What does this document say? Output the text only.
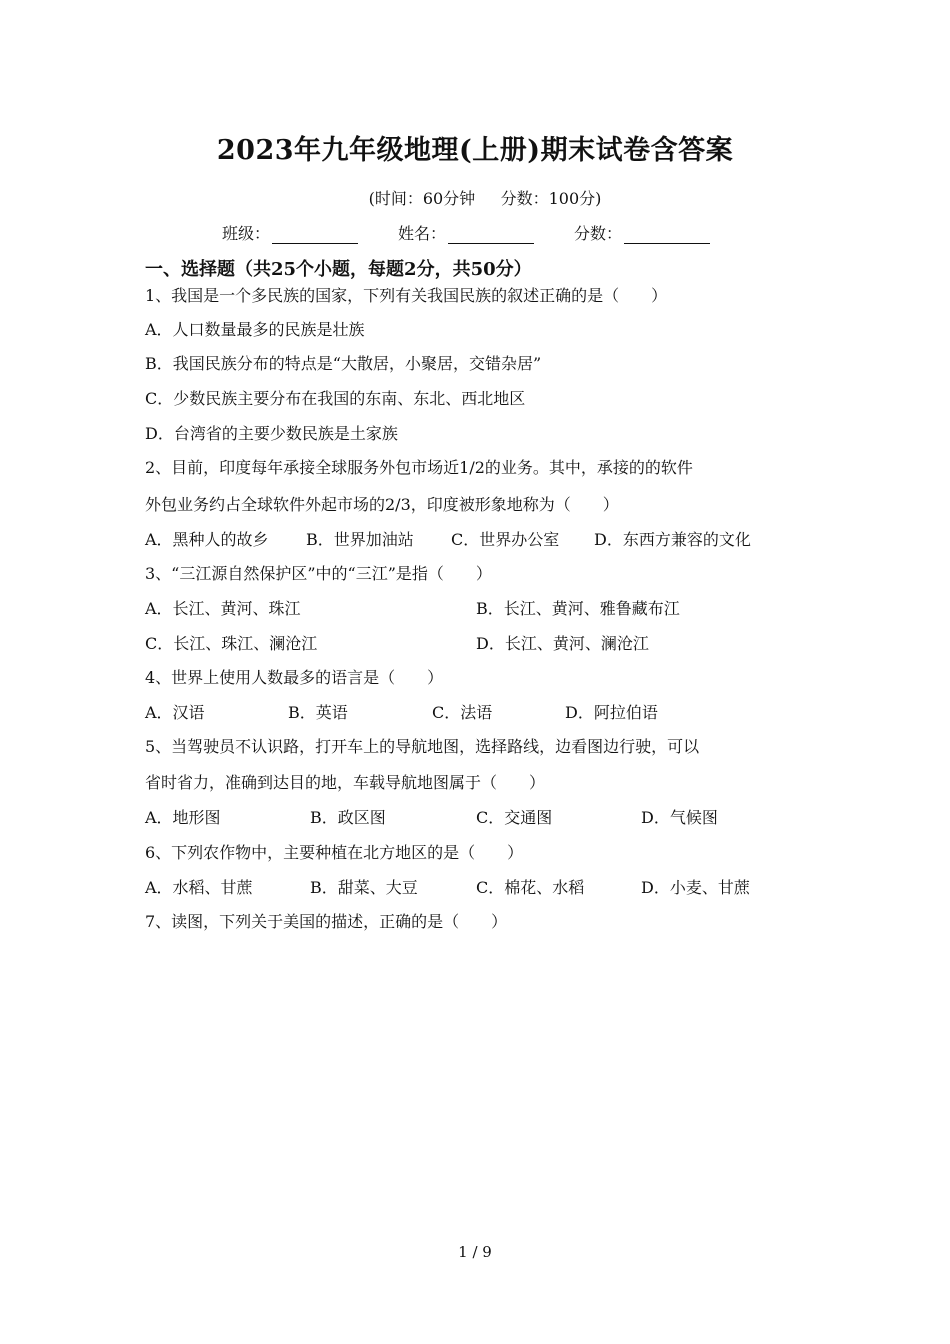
2023年九年级地理(上册)期末试卷含答案
(时间：60分钟 分数：100分)
班级：	姓名：	分数：
一、选择题（共25个小题，每题2分，共50分）
1、我国是一个多民族的国家，下列有关我国民族的叙述正确的是（　　）
A．人口数量最多的民族是壮族
B．我国民族分布的特点是“大散居，小聚居，交错杂居”
C．少数民族主要分布在我国的东南、东北、西北地区
D．台湾省的主要少数民族是土家族
2、目前，印度每年承接全球服务外包市场近1/2的业务。其中，承接的的软件
外包业务约占全球软件外起市场的2/3，印度被形象地称为（　　）
A．黑种人的故乡 B．世界加油站 C．世界办公室 D．东西方兼容的文化
3、“三江源自然保护区”中的“三江”是指（　　）
A．长江、黄河、珠江	B．长江、黄河、雅鲁藏布江
C．长江、珠江、澜沧江	D．长江、黄河、澜沧江
4、世界上使用人数最多的语言是（　　）
A．汉语	B．英语	C．法语	D．阿拉伯语
5、当驾驶员不认识路，打开车上的导航地图，选择路线，边看图边行驶，可以
省时省力，准确到达目的地，车载导航地图属于（　　）
A．地形图	B．政区图	C．交通图	D．气候图
6、下列农作物中，主要种植在北方地区的是（　　）
A．水稻、甘蔗	B．甜菜、大豆	C．棉花、水稻	D．小麦、甘蔗
7、读图，下列关于美国的描述，正确的是（　　）
1 / 9
